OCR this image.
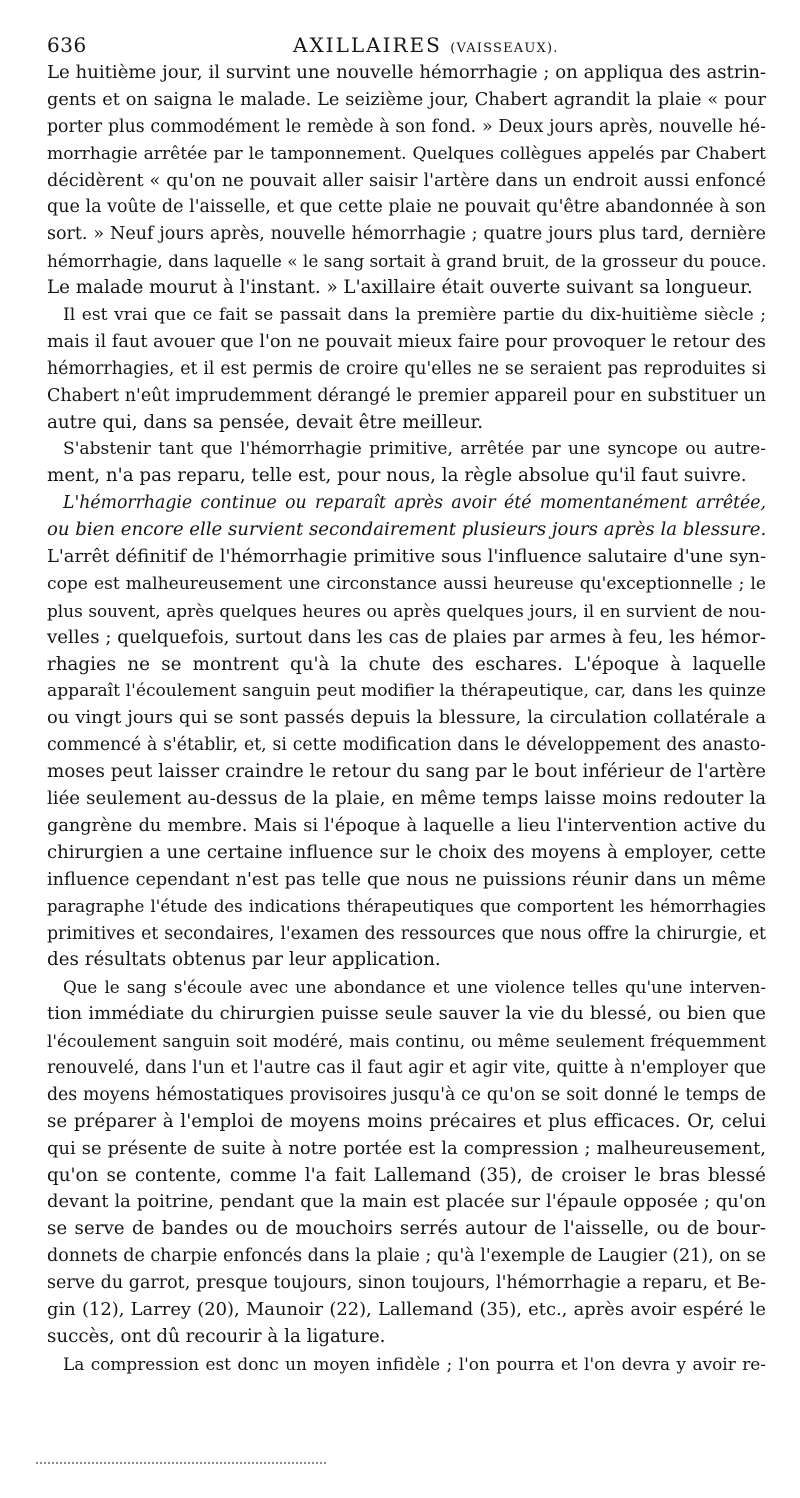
636	AXILLAIRES (VAISSEAUX).
Le huitième jour, il survint une nouvelle hémorrhagie ; on appliqua des astrin-
gents et on saigna le malade. Le seizième jour, Chabert agrandit la plaie « pour
porter plus commodément le remède à son fond. » Deux jours après, nouvelle hé-
morrhagie arrêtée par le tamponnement. Quelques collègues appelés par Chabert
décidèrent « qu'on ne pouvait aller saisir l'artère dans un endroit aussi enfoncé
que la voûte de l'aisselle, et que cette plaie ne pouvait qu'être abandonnée à son
sort. » Neuf jours après, nouvelle hémorrhagie ; quatre jours plus tard, dernière
hémorrhagie, dans laquelle « le sang sortait à grand bruit, de la grosseur du pouce.
Le malade mourut à l'instant. » L'axillaire était ouverte suivant sa longueur.
Il est vrai que ce fait se passait dans la première partie du dix-huitième siècle ;
mais il faut avouer que l'on ne pouvait mieux faire pour provoquer le retour des
hémorrhagies, et il est permis de croire qu'elles ne se seraient pas reproduites si
Chabert n'eût imprudemment dérangé le premier appareil pour en substituer un
autre qui, dans sa pensée, devait être meilleur.
S'abstenir tant que l'hémorrhagie primitive, arrêtée par une syncope ou autre-
ment, n'a pas reparu, telle est, pour nous, la règle absolue qu'il faut suivre.
L'hémorrhagie continue ou reparaît après avoir été momentanément arrêtée,
ou bien encore elle survient secondairement plusieurs jours après la blessure.
L'arrêt définitif de l'hémorrhagie primitive sous l'influence salutaire d'une syn-
cope est malheureusement une circonstance aussi heureuse qu'exceptionnelle ; le
plus souvent, après quelques heures ou après quelques jours, il en survient de nou-
velles ; quelquefois, surtout dans les cas de plaies par armes à feu, les hémor-
rhagies ne se montrent qu'à la chute des eschares. L'époque à laquelle
apparaît l'écoulement sanguin peut modifier la thérapeutique, car, dans les quinze
ou vingt jours qui se sont passés depuis la blessure, la circulation collatérale a
commencé à s'établir, et, si cette modification dans le développement des anasto-
moses peut laisser craindre le retour du sang par le bout inférieur de l'artère
liée seulement au-dessus de la plaie, en même temps laisse moins redouter la
gangrène du membre. Mais si l'époque à laquelle a lieu l'intervention active du
chirurgien a une certaine influence sur le choix des moyens à employer, cette
influence cependant n'est pas telle que nous ne puissions réunir dans un même
paragraphe l'étude des indications thérapeutiques que comportent les hémorrhagies
primitives et secondaires, l'examen des ressources que nous offre la chirurgie, et
des résultats obtenus par leur application.
Que le sang s'écoule avec une abondance et une violence telles qu'une interven-
tion immédiate du chirurgien puisse seule sauver la vie du blessé, ou bien que
l'écoulement sanguin soit modéré, mais continu, ou même seulement fréquemment
renouvelé, dans l'un et l'autre cas il faut agir et agir vite, quitte à n'employer que
des moyens hémostatiques provisoires jusqu'à ce qu'on se soit donné le temps de
se préparer à l'emploi de moyens moins précaires et plus efficaces. Or, celui
qui se présente de suite à notre portée est la compression ; malheureusement,
qu'on se contente, comme l'a fait Lallemand (35), de croiser le bras blessé
devant la poitrine, pendant que la main est placée sur l'épaule opposée ; qu'on
se serve de bandes ou de mouchoirs serrés autour de l'aisselle, ou de bour-
donnets de charpie enfoncés dans la plaie ; qu'à l'exemple de Laugier (21), on se
serve du garrot, presque toujours, sinon toujours, l'hémorrhagie a reparu, et Be-
gin (12), Larrey (20), Maunoir (22), Lallemand (35), etc., après avoir espéré le
succès, ont dû recourir à la ligature.
La compression est donc un moyen infidèle ; l'on pourra et l'on devra y avoir re-
